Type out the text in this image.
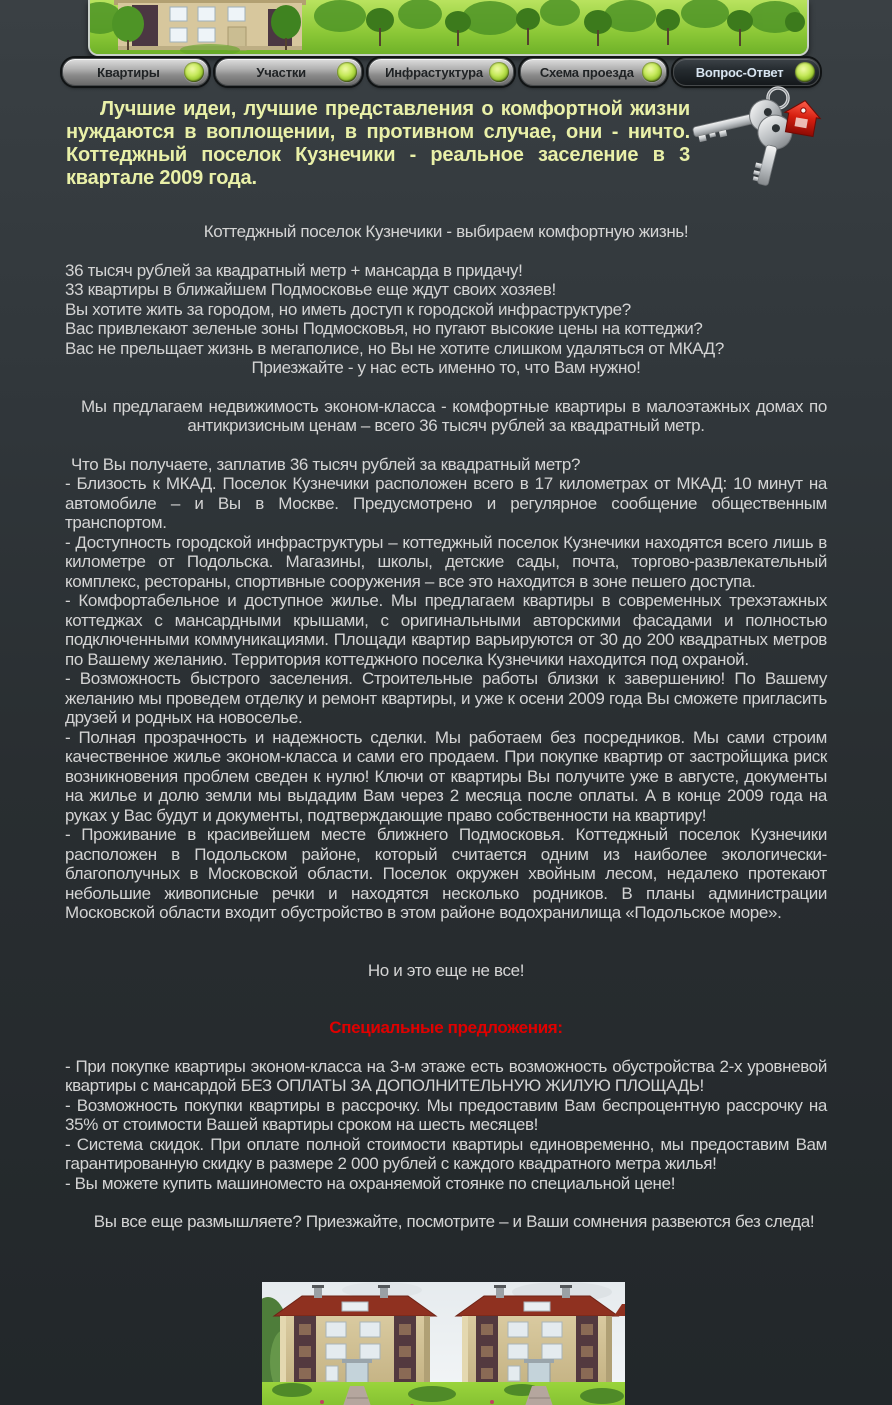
Квартиры	Участки	Инфрастуктура	Схема проезда	Вопрос-Ответ
Лучшие идеи, лучшие представления о комфортной жизни нуждаются в воплощении, в противном случае, они - ничто. Коттеджный поселок Кузнечики - реальное заселение в 3 квартале 2009 года.
Коттеджный поселок Кузнечики - выбираем комфортную жизнь!
36 тысяч рублей за квадратный метр + мансарда в придачу!
33 квартиры в ближайшем Подмосковье еще ждут своих хозяев!
Вы хотите жить за городом, но иметь доступ к городской инфраструктуре?
Вас привлекают зеленые зоны Подмосковья, но пугают высокие цены на коттеджи?
Вас не прельщает жизнь в мегаполисе, но Вы не хотите слишком удаляться от МКАД?
Приезжайте - у нас есть именно то, что Вам нужно!
Мы предлагаем недвижимость эконом-класса - комфортные квартиры в малоэтажных домах по антикризисным ценам – всего 36 тысяч рублей за квадратный метр.
Что Вы получаете, заплатив 36 тысяч рублей за квадратный метр?
- Близость к МКАД. Поселок Кузнечики расположен всего в 17 километрах от МКАД: 10 минут на автомобиле – и Вы в Москве. Предусмотрено и регулярное сообщение общественным транспортом.
- Доступность городской инфраструктуры – коттеджный поселок Кузнечики находятся всего лишь в километре от Подольска. Магазины, школы, детские сады, почта, торгово-развлекательный комплекс, рестораны, спортивные сооружения – все это находится в зоне пешего доступа.
- Комфортабельное и доступное жилье. Мы предлагаем квартиры в современных трехэтажных коттеджах с мансардными крышами, с оригинальными авторскими фасадами и полностью подключенными коммуникациями. Площади квартир варьируются от 30 до 200 квадратных метров по Вашему желанию. Территория коттеджного поселка Кузнечики находится под охраной.
- Возможность быстрого заселения. Строительные работы близки к завершению! По Вашему желанию мы проведем отделку и ремонт квартиры, и уже к осени 2009 года Вы сможете пригласить друзей и родных на новоселье.
- Полная прозрачность и надежность сделки. Мы работаем без посредников. Мы сами строим качественное жилье эконом-класса и сами его продаем. При покупке квартир от застройщика риск возникновения проблем сведен к нулю! Ключи от квартиры Вы получите уже в августе, документы на жилье и долю земли мы выдадим Вам через 2 месяца после оплаты. А в конце 2009 года на руках у Вас будут и документы, подтверждающие право собственности на квартиру!
- Проживание в красивейшем месте ближнего Подмосковья. Коттеджный поселок Кузнечики расположен в Подольском районе, который считается одним из наиболее экологически-благополучных в Московской области. Поселок окружен хвойным лесом, недалеко протекают небольшие живописные речки и находятся несколько родников. В планы администрации Московской области входит обустройство в этом районе водохранилища «Подольское море».
Но и это еще не все!
Специальные предложения:
- При покупке квартиры эконом-класса на 3-м этаже есть возможность обустройства 2-х уровневой квартиры с мансардой БЕЗ ОПЛАТЫ ЗА ДОПОЛНИТЕЛЬНУЮ ЖИЛУЮ ПЛОЩАДЬ!
- Возможность покупки квартиры в рассрочку. Мы предоставим Вам беспроцентную рассрочку на 35% от стоимости Вашей квартиры сроком на шесть месяцев!
- Система скидок. При оплате полной стоимости квартиры единовременно, мы предоставим Вам гарантированную скидку в размере 2 000 рублей с каждого квадратного метра жилья!
- Вы можете купить машиноместо на охраняемой стоянке по специальной цене!
Вы все еще размышляете? Приезжайте, посмотрите – и Ваши сомнения развеются без следа!
